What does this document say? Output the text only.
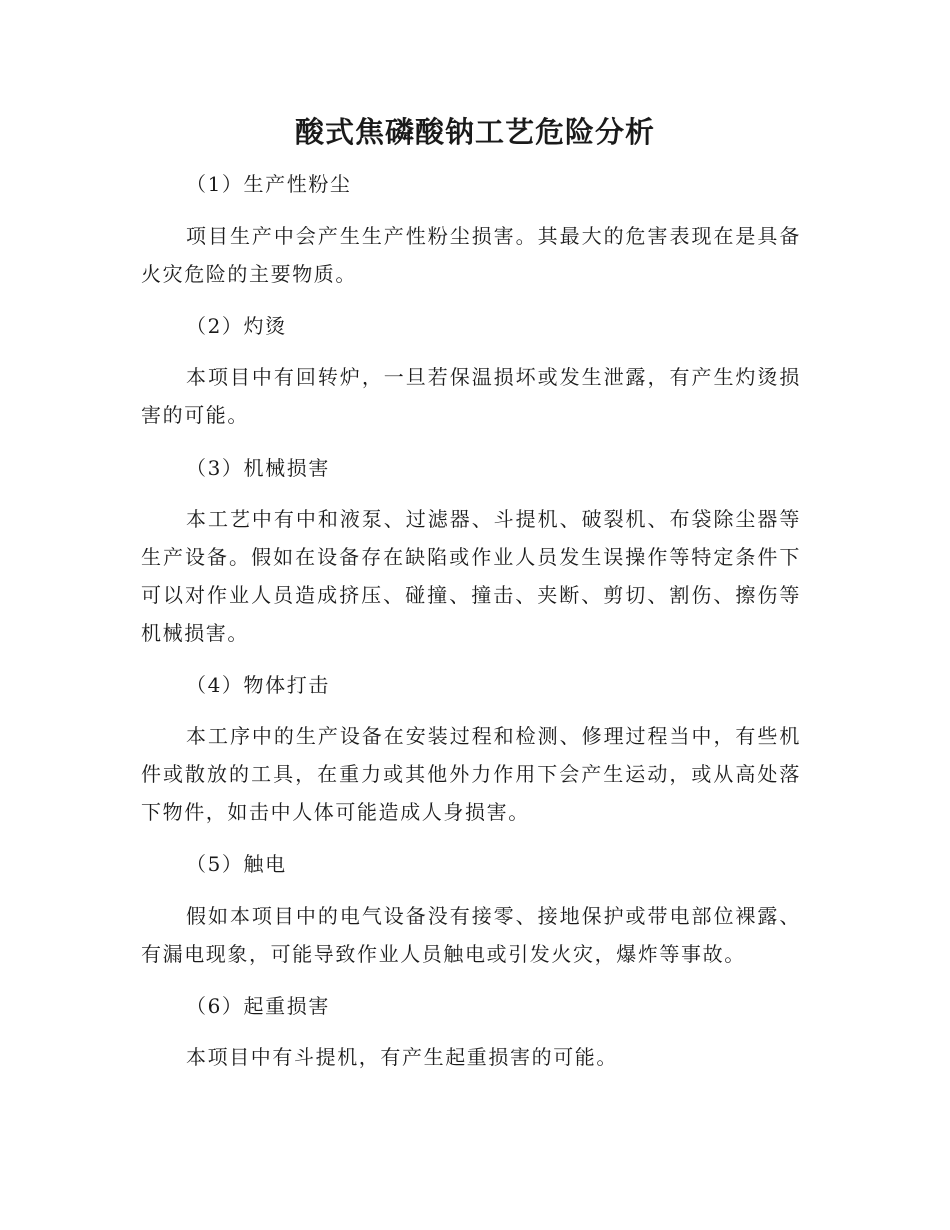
酸式焦磷酸钠工艺危险分析

（1）生产性粉尘

项目生产中会产生生产性粉尘损害。其最大的危害表现在是具备火灾危险的主要物质。

（2）灼烫

本项目中有回转炉，一旦若保温损坏或发生泄露，有产生灼烫损害的可能。

（3）机械损害

本工艺中有中和液泵、过滤器、斗提机、破裂机、布袋除尘器等生产设备。假如在设备存在缺陷或作业人员发生误操作等特定条件下可以对作业人员造成挤压、碰撞、撞击、夹断、剪切、割伤、擦伤等机械损害。

（4）物体打击

本工序中的生产设备在安装过程和检测、修理过程当中，有些机件或散放的工具，在重力或其他外力作用下会产生运动，或从高处落下物件，如击中人体可能造成人身损害。

（5）触电

假如本项目中的电气设备没有接零、接地保护或带电部位裸露、有漏电现象，可能导致作业人员触电或引发火灾，爆炸等事故。

（6）起重损害

本项目中有斗提机，有产生起重损害的可能。
